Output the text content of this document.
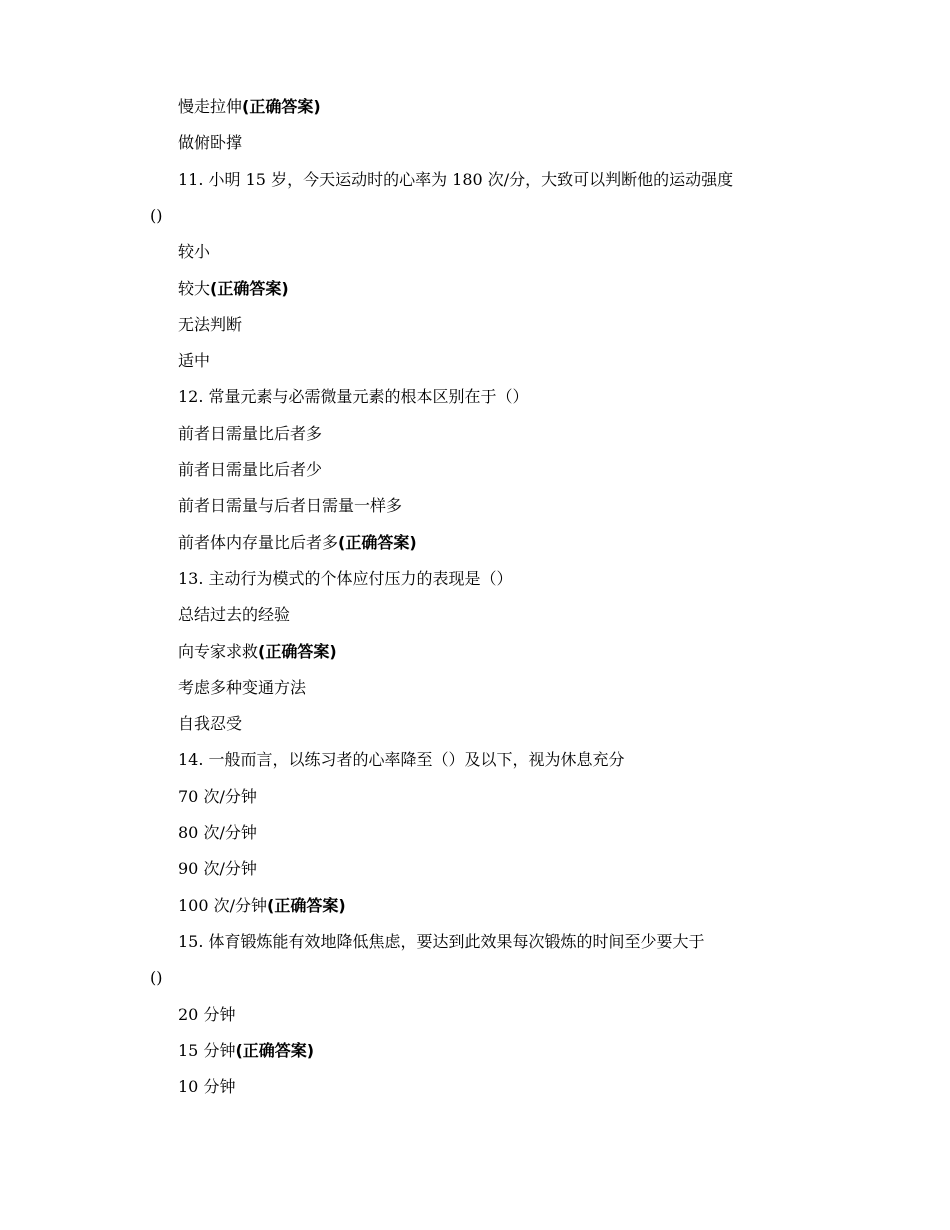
慢走拉伸(正确答案)
做俯卧撑
11. 小明 15 岁，今天运动时的心率为 180 次/分，大致可以判断他的运动强度
()
较小
较大(正确答案)
无法判断
适中
12. 常量元素与必需微量元素的根本区别在于（）
前者日需量比后者多
前者日需量比后者少
前者日需量与后者日需量一样多
前者体内存量比后者多(正确答案)
13. 主动行为模式的个体应付压力的表现是（）
总结过去的经验
向专家求救(正确答案)
考虑多种变通方法
自我忍受
14. 一般而言，以练习者的心率降至（）及以下，视为休息充分
70 次/分钟
80 次/分钟
90 次/分钟
100 次/分钟(正确答案)
15. 体育锻炼能有效地降低焦虑，要达到此效果每次锻炼的时间至少要大于
()
20 分钟
15 分钟(正确答案)
10 分钟
